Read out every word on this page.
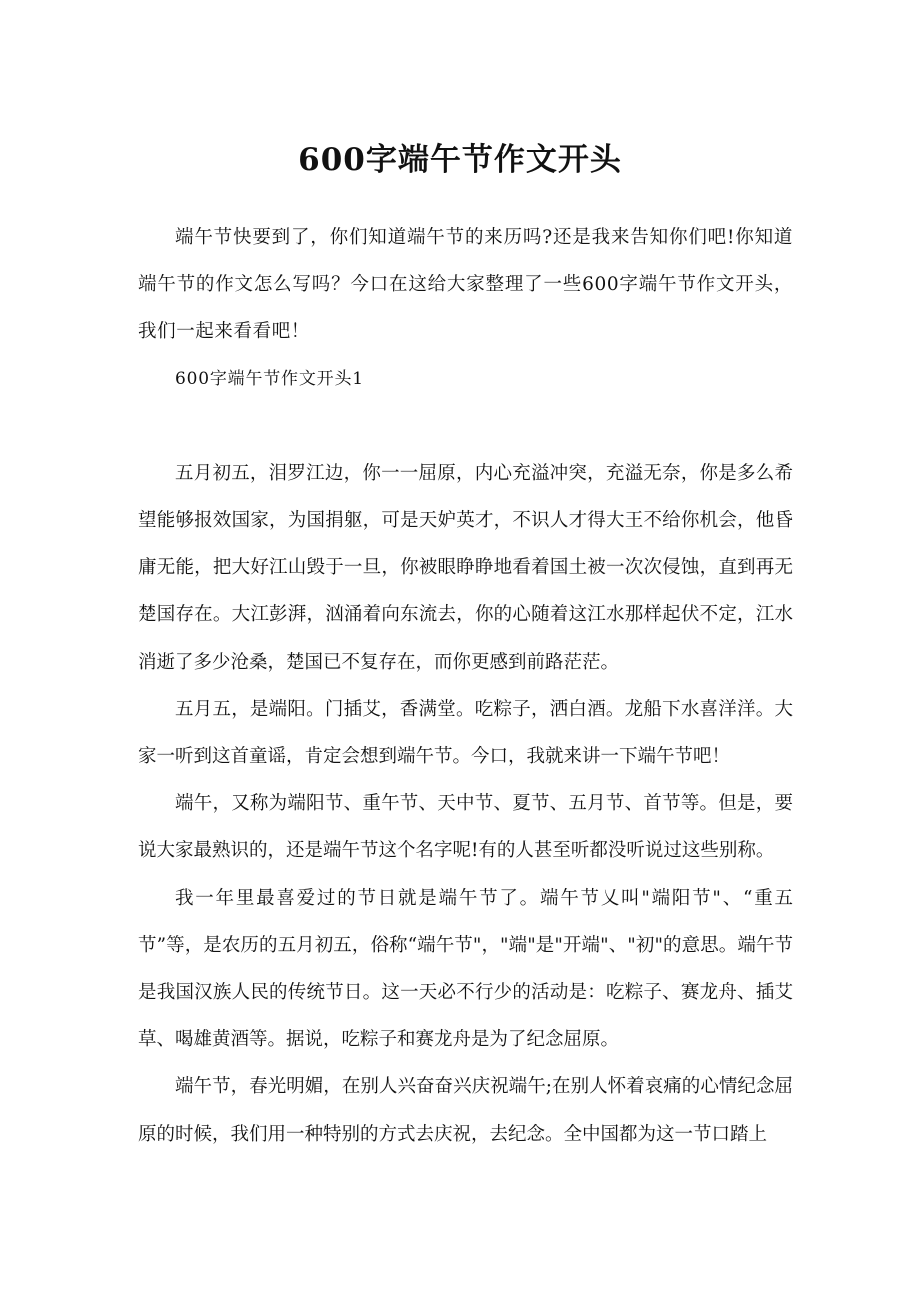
600字端午节作文开头

端午节快要到了，你们知道端午节的来历吗?还是我来告知你们吧!你知道端午节的作文怎么写吗？今口在这给大家整理了一些600字端午节作文开头，我们一起来看看吧！

600字端午节作文开头1

五月初五，泪罗江边，你一一屈原，内心充溢冲突，充溢无奈，你是多么希望能够报效国家，为国捐躯，可是天妒英才，不识人才得大王不给你机会，他昏庸无能，把大好江山毁于一旦，你被眼睁睁地看着国土被一次次侵蚀，直到再无楚国存在。大江彭湃，汹涌着向东流去，你的心随着这江水那样起伏不定，江水消逝了多少沧桑，楚国已不复存在，而你更感到前路茫茫。

五月五，是端阳。门插艾，香满堂。吃粽子，洒白酒。龙船下水喜洋洋。大家一听到这首童谣，肯定会想到端午节。今口，我就来讲一下端午节吧！

端午，又称为端阳节、重午节、天中节、夏节、五月节、首节等。但是，要说大家最熟识的，还是端午节这个名字呢!有的人甚至听都没听说过这些别称。

我一年里最喜爱过的节日就是端午节了。端午节乂叫"端阳节"、“重五节”等，是农历的五月初五，俗称“端午节"，"端"是"开端"、"初"的意思。端午节是我国汉族人民的传统节日。这一天必不行少的活动是：吃粽子、赛龙舟、插艾草、喝雄黄酒等。据说，吃粽子和赛龙舟是为了纪念屈原。

端午节，春光明媚，在别人兴奋奋兴庆祝端午;在别人怀着哀痛的心情纪念屈原的时候，我们用一种特别的方式去庆祝，去纪念。全中国都为这一节口踏上
